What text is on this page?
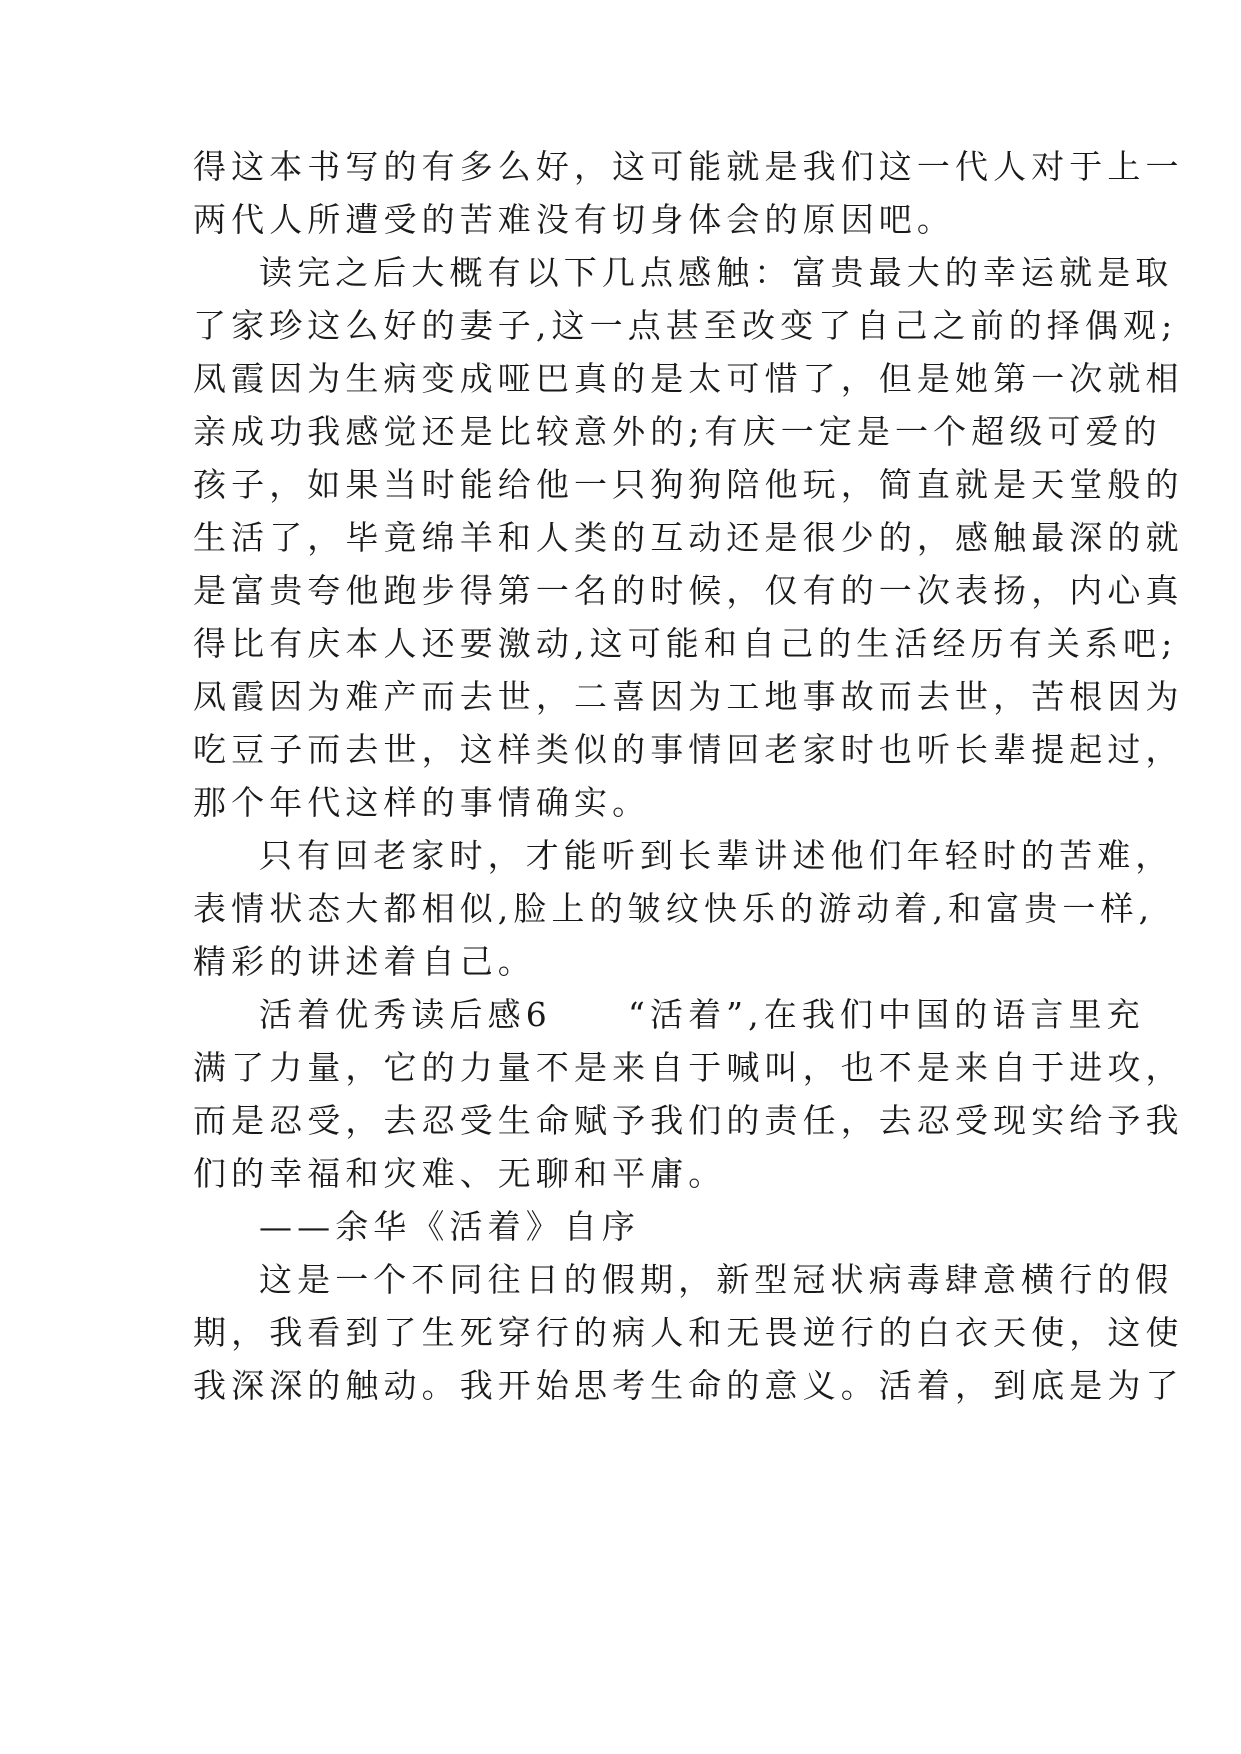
得这本书写的有多么好，这可能就是我们这一代人对于上一
两代人所遭受的苦难没有切身体会的原因吧。
读完之后大概有以下几点感触：富贵最大的幸运就是取
了家珍这么好的妻子,这一点甚至改变了自己之前的择偶观;
凤霞因为生病变成哑巴真的是太可惜了，但是她第一次就相
亲成功我感觉还是比较意外的;有庆一定是一个超级可爱的
孩子，如果当时能给他一只狗狗陪他玩，简直就是天堂般的
生活了，毕竟绵羊和人类的互动还是很少的，感触最深的就
是富贵夸他跑步得第一名的时候，仅有的一次表扬，内心真
得比有庆本人还要激动,这可能和自己的生活经历有关系吧;
凤霞因为难产而去世，二喜因为工地事故而去世，苦根因为
吃豆子而去世，这样类似的事情回老家时也听长辈提起过，
那个年代这样的事情确实。
只有回老家时，才能听到长辈讲述他们年轻时的苦难，
表情状态大都相似,脸上的皱纹快乐的游动着,和富贵一样,
精彩的讲述着自己。
活着优秀读后感6　　“活着”,在我们中国的语言里充
满了力量，它的力量不是来自于喊叫，也不是来自于进攻，
而是忍受，去忍受生命赋予我们的责任，去忍受现实给予我
们的幸福和灾难、无聊和平庸。
——余华《活着》自序
这是一个不同往日的假期，新型冠状病毒肆意横行的假
期，我看到了生死穿行的病人和无畏逆行的白衣天使，这使
我深深的触动。我开始思考生命的意义。活着，到底是为了
